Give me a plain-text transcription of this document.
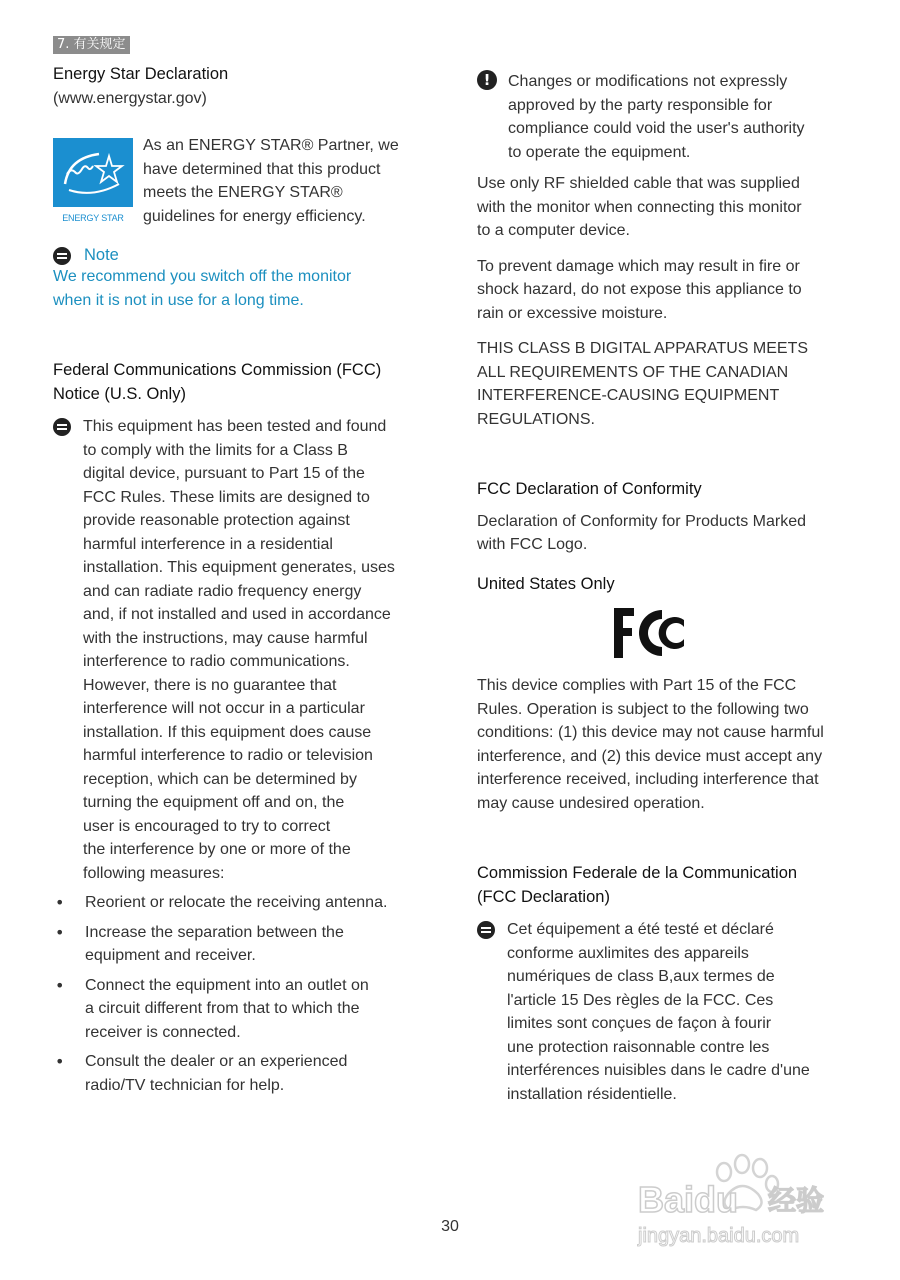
7. 有关规定

Energy Star Declaration

(www.energystar.gov)

ENERGY STAR

As an ENERGY STAR® Partner, we

have determined that this product

meets the ENERGY STAR®

guidelines for energy efficiency.

Note

We recommend you switch off the monitor

when it is not in use for a long time.

Federal Communications Commission (FCC)

Notice (U.S. Only)

This equipment has been tested and found

to comply with the limits for a Class B

digital device, pursuant to Part 15 of the

FCC Rules. These limits are designed to

provide reasonable protection against

harmful interference in a residential

installation. This equipment generates, uses

and can radiate radio frequency energy

and, if not installed and used in accordance

with the instructions, may cause harmful

interference to radio communications.

However, there is no guarantee that

interference will not occur in a particular

installation. If this equipment does cause

harmful interference to radio or television

reception, which can be determined by

turning the equipment off and on, the

user is encouraged to try to correct

the interference by one or more of the

following measures:

•	Reorient or relocate the receiving antenna.

•	Increase the separation between the

equipment and receiver.

•	Connect the equipment into an outlet on

a circuit different from that to which the

receiver is connected.

•	Consult the dealer or an experienced

radio/TV technician for help.

!	Changes or modifications not expressly

approved by the party responsible for

compliance could void the user's authority

to operate the equipment.

Use only RF shielded cable that was supplied

with the monitor when connecting this monitor

to a computer device.

To prevent damage which may result in fire or

shock hazard, do not expose this appliance to

rain or excessive moisture.

THIS CLASS B DIGITAL APPARATUS MEETS

ALL REQUIREMENTS OF THE CANADIAN

INTERFERENCE-CAUSING EQUIPMENT

REGULATIONS.

FCC Declaration of Conformity

Declaration of Conformity for Products Marked

with FCC Logo.

United States Only

This device complies with Part 15 of the FCC

Rules. Operation is subject to the following two

conditions: (1) this device may not cause harmful

interference, and (2) this device must accept any

interference received, including interference that

may cause undesired operation.

Commission Federale de la Communication

(FCC Declaration)

Cet équipement a été testé et déclaré

conforme auxlimites des appareils

numériques de class B,aux termes de

l'article 15 Des règles de la FCC. Ces

limites sont conçues de façon à fourir

une protection raisonnable contre les

interférences nuisibles dans le cadre d'une

installation résidentielle.

Baidu 经验
jingyan.baidu.com
30
